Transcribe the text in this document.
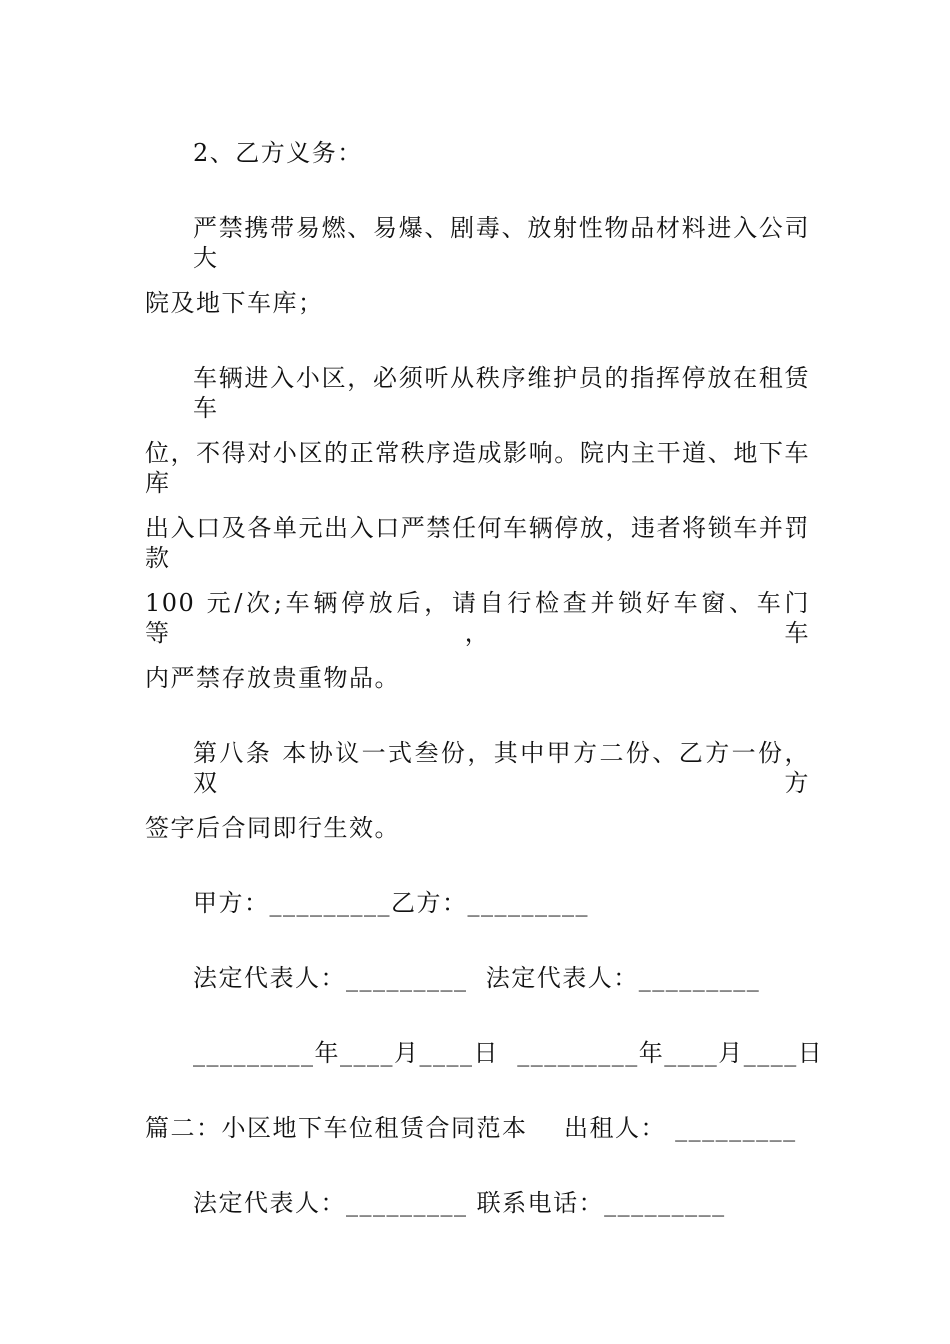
2、乙方义务：
严禁携带易燃、易爆、剧毒、放射性物品材料进入公司大
院及地下车库；
车辆进入小区，必须听从秩序维护员的指挥停放在租赁车
位，不得对小区的正常秩序造成影响。院内主干道、地下车库
出入口及各单元出入口严禁任何车辆停放，违者将锁车并罚款
100 元/次;车辆停放后，请自行检查并锁好车窗、车门等，车
内严禁存放贵重物品。
第八条 本协议一式叁份，其中甲方二份、乙方一份，双方
签字后合同即行生效。
甲方：_________乙方：_________
法定代表人：_________  法定代表人：_________
_________年____月____日  _________年____月____日
篇二：小区地下车位租赁合同范本    出租人： _________
法定代表人：_________ 联系电话：_________
